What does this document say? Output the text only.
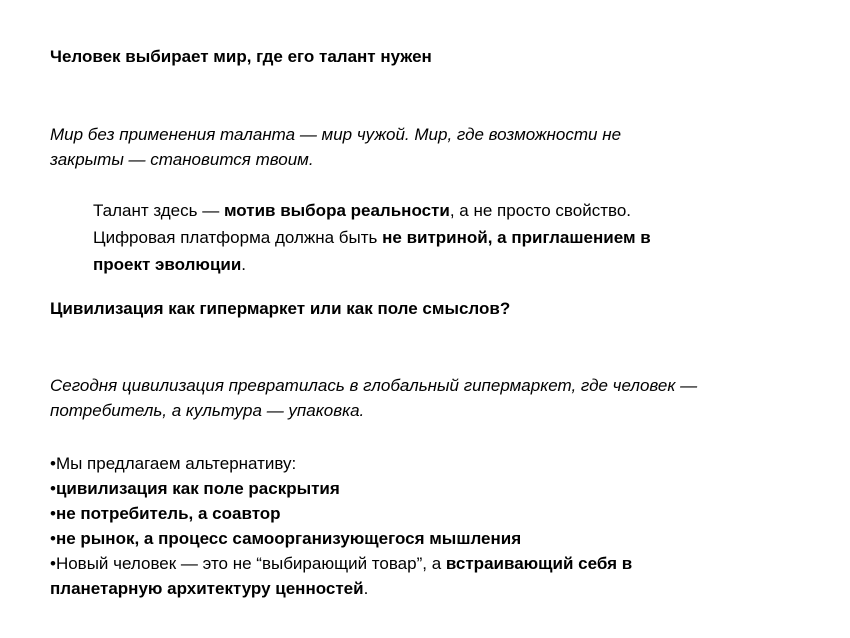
Человек выбирает мир, где его талант нужен

Мир без применения таланта — мир чужой. Мир, где возможности не
закрыты — становится твоим.

Талант здесь — мотив выбора реальности, а не просто свойство.
Цифровая платформа должна быть не витриной, а приглашением в
проект эволюции.

Цивилизация как гипермаркет или как поле смыслов?

Сегодня цивилизация превратилась в глобальный гипермаркет, где человек —
потребитель, а культура — упаковка.

•Мы предлагаем альтернативу:
•цивилизация как поле раскрытия
•не потребитель, а соавтор
•не рынок, а процесс самоорганизующегося мышления
•Новый человек — это не “выбирающий товар”, а встраивающий себя в
планетарную архитектуру ценностей.
